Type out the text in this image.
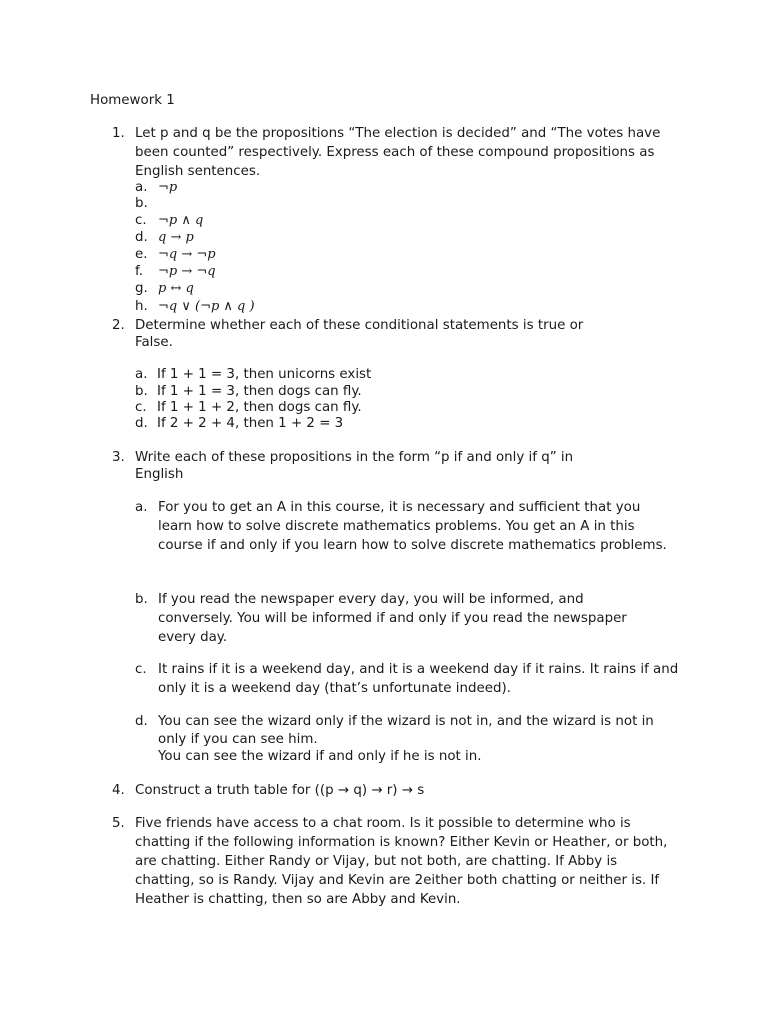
Homework 1
1. Let p and q be the propositions “The election is decided” and “The votes have been counted” respectively. Express each of these compound propositions as English sentences.
a. ¬p
b.
c. ¬p ∧ q
d. q → p
e. ¬q → ¬p
f. ¬p → ¬q
g. p ↔ q
h. ¬q ∨ (¬p ∧ q )
2. Determine whether each of these conditional statements is true or
False.
a. If 1 + 1 = 3, then unicorns exist
b. If 1 + 1 = 3, then dogs can fly.
c. If 1 + 1 + 2, then dogs can fly.
d. If 2 + 2 + 4, then 1 + 2 = 3
3. Write each of these propositions in the form “p if and only if q” in
English
a. For you to get an A in this course, it is necessary and sufficient that you learn how to solve discrete mathematics problems. You get an A in this course if and only if you learn how to solve discrete mathematics problems.
b. If you read the newspaper every day, you will be informed, and conversely. You will be informed if and only if you read the newspaper every day.
c. It rains if it is a weekend day, and it is a weekend day if it rains. It rains if and only it is a weekend day (that’s unfortunate indeed).
d. You can see the wizard only if the wizard is not in, and the wizard is not in only if you can see him.
You can see the wizard if and only if he is not in.
4. Construct a truth table for ((p → q) → r) → s
5. Five friends have access to a chat room. Is it possible to determine who is chatting if the following information is known? Either Kevin or Heather, or both, are chatting. Either Randy or Vijay, but not both, are chatting. If Abby is chatting, so is Randy. Vijay and Kevin are 2either both chatting or neither is. If Heather is chatting, then so are Abby and Kevin.
